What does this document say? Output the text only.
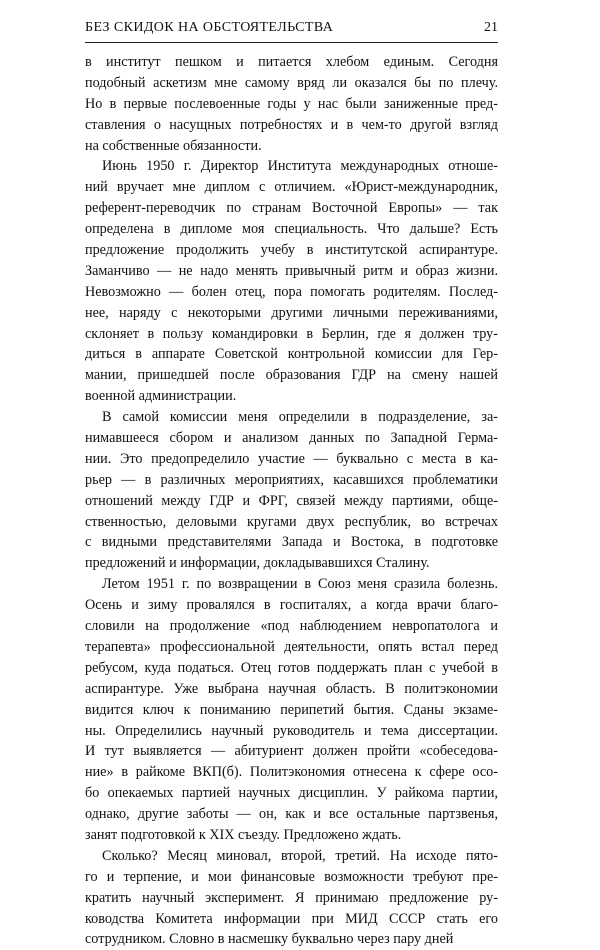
БЕЗ СКИДОК НА ОБСТОЯТЕЛЬСТВА	21
в институт пешком и питается хлебом единым. Сегодня
подобный аскетизм мне самому вряд ли оказался бы по плечу.
Но в первые послевоенные годы у нас были заниженные пред-
ставления о насущных потребностях и в чем-то другой взгляд
на собственные обязанности.
Июнь 1950 г. Директор Института международных отноше-
ний вручает мне диплом с отличием. «Юрист-международник,
референт-переводчик по странам Восточной Европы» — так
определена в дипломе моя специальность. Что дальше? Есть
предложение продолжить учебу в институтской аспирантуре.
Заманчиво — не надо менять привычный ритм и образ жизни.
Невозможно — болен отец, пора помогать родителям. Послед-
нее, наряду с некоторыми другими личными переживаниями,
склоняет в пользу командировки в Берлин, где я должен тру-
диться в аппарате Советской контрольной комиссии для Гер-
мании, пришедшей после образования ГДР на смену нашей
военной администрации.
В самой комиссии меня определили в подразделение, за-
нимавшееся сбором и анализом данных по Западной Герма-
нии. Это предопределило участие — буквально с места в ка-
рьер — в различных мероприятиях, касавшихся проблематики
отношений между ГДР и ФРГ, связей между партиями, обще-
ственностью, деловыми кругами двух республик, во встречах
с видными представителями Запада и Востока, в подготовке
предложений и информации, докладывавшихся Сталину.
Летом 1951 г. по возвращении в Союз меня сразила болезнь.
Осень и зиму провалялся в госпиталях, а когда врачи благо-
словили на продолжение «под наблюдением невропатолога и
терапевта» профессиональной деятельности, опять встал перед
ребусом, куда податься. Отец готов поддержать план с учебой в
аспирантуре. Уже выбрана научная область. В политэкономии
видится ключ к пониманию перипетий бытия. Сданы экзаме-
ны. Определились научный руководитель и тема диссертации.
И тут выявляется — абитуриент должен пройти «собеседова-
ние» в райкоме ВКП(б). Политэкономия отнесена к сфере осо-
бо опекаемых партией научных дисциплин. У райкома партии,
однако, другие заботы — он, как и все остальные партзвенья,
занят подготовкой к XIX съезду. Предложено ждать.
Сколько? Месяц миновал, второй, третий. На исходе пято-
го и терпение, и мои финансовые возможности требуют пре-
кратить научный эксперимент. Я принимаю предложение ру-
ководства Комитета информации при МИД СССР стать его
сотрудником. Словно в насмешку буквально через пару дней
